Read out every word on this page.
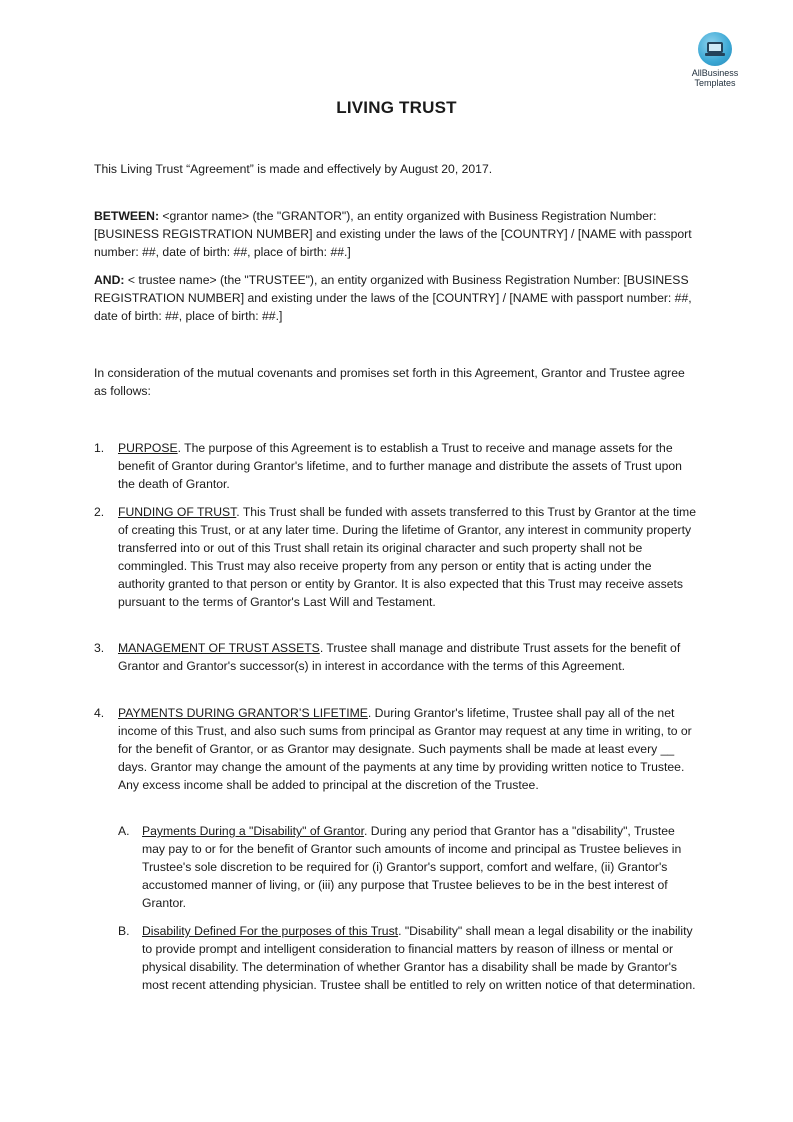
AllBusiness
Templates
LIVING TRUST
This Living Trust “Agreement” is made and effectively by August 20, 2017.
BETWEEN: <grantor name> (the "GRANTOR"), an entity organized with Business Registration Number: [BUSINESS REGISTRATION NUMBER] and existing under the laws of the [COUNTRY] / [NAME with passport number: ##, date of birth: ##, place of birth: ##.]
AND: < trustee name> (the "TRUSTEE"), an entity organized with Business Registration Number: [BUSINESS REGISTRATION NUMBER] and existing under the laws of the [COUNTRY] / [NAME with passport number: ##, date of birth: ##, place of birth: ##.]
In consideration of the mutual covenants and promises set forth in this Agreement, Grantor and Trustee agree as follows:
1. PURPOSE. The purpose of this Agreement is to establish a Trust to receive and manage assets for the benefit of Grantor during Grantor's lifetime, and to further manage and distribute the assets of Trust upon the death of Grantor.
2. FUNDING OF TRUST. This Trust shall be funded with assets transferred to this Trust by Grantor at the time of creating this Trust, or at any later time. During the lifetime of Grantor, any interest in community property transferred into or out of this Trust shall retain its original character and such property shall not be commingled. This Trust may also receive property from any person or entity that is acting under the authority granted to that person or entity by Grantor. It is also expected that this Trust may receive assets pursuant to the terms of Grantor's Last Will and Testament.
3. MANAGEMENT OF TRUST ASSETS. Trustee shall manage and distribute Trust assets for the benefit of Grantor and Grantor's successor(s) in interest in accordance with the terms of this Agreement.
4. PAYMENTS DURING GRANTOR’S LIFETIME. During Grantor's lifetime, Trustee shall pay all of the net income of this Trust, and also such sums from principal as Grantor may request at any time in writing, to or for the benefit of Grantor, or as Grantor may designate. Such payments shall be made at least every __ days. Grantor may change the amount of the payments at any time by providing written notice to Trustee. Any excess income shall be added to principal at the discretion of the Trustee.
A. Payments During a "Disability" of Grantor. During any period that Grantor has a "disability", Trustee may pay to or for the benefit of Grantor such amounts of income and principal as Trustee believes in Trustee's sole discretion to be required for (i) Grantor's support, comfort and welfare, (ii) Grantor's accustomed manner of living, or (iii) any purpose that Trustee believes to be in the best interest of Grantor.
B. Disability Defined For the purposes of this Trust. "Disability" shall mean a legal disability or the inability to provide prompt and intelligent consideration to financial matters by reason of illness or mental or physical disability. The determination of whether Grantor has a disability shall be made by Grantor's most recent attending physician. Trustee shall be entitled to rely on written notice of that determination.
